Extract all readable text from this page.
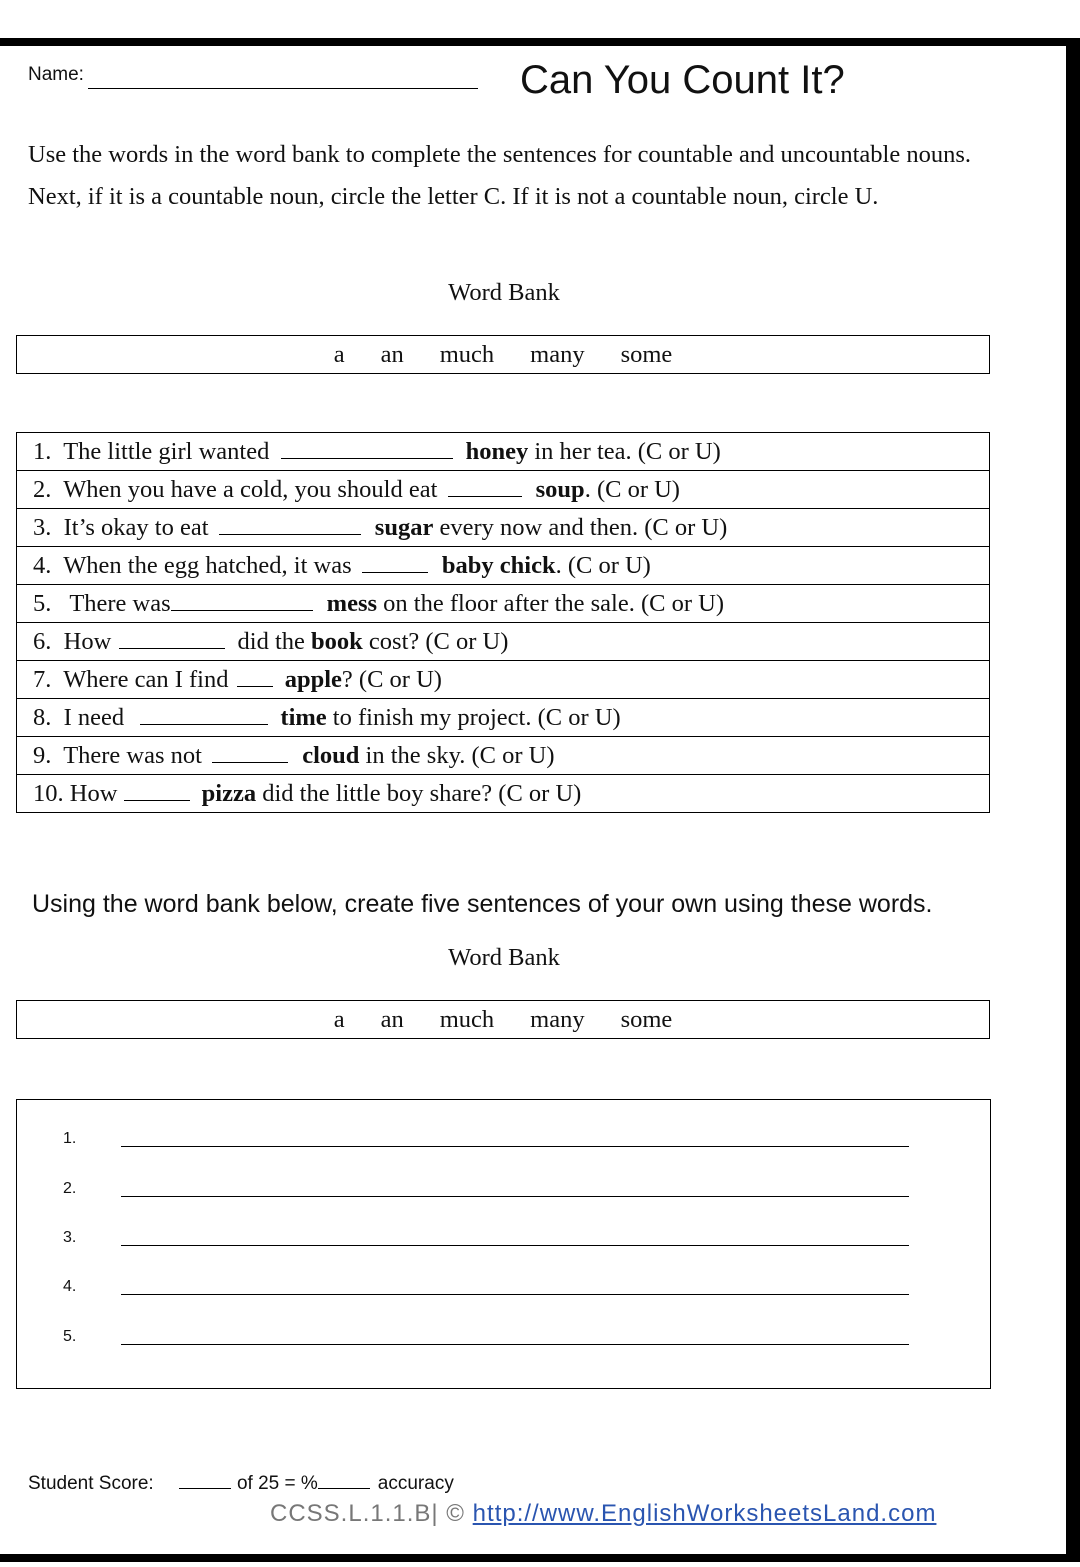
Name:	Can You Count It?
Use the words in the word bank to complete the sentences for countable and uncountable nouns. Next, if it is a countable noun, circle the letter C. If it is not a countable noun, circle U.
Word Bank
a an much many some
1. The little girl wanted	honey in her tea. (C or U)
2. When you have a cold, you should eat	soup. (C or U)
3. It’s okay to eat	sugar every now and then. (C or U)
4. When the egg hatched, it was	baby chick. (C or U)
5. There was	mess on the floor after the sale. (C or U)
6. How	did the book cost? (C or U)
7. Where can I find apple? (C or U)
8. I need	time to finish my project. (C or U)
9. There was not	cloud in the sky. (C or U)
10. How	pizza did the little boy share? (C or U)
Using the word bank below, create five sentences of your own using these words.
Word Bank
a an much many some
1.
2.
3.
4.
5.
Student Score:	of 25 = %	accuracy
CCSS.L.1.1.B| © http://www.EnglishWorksheetsLand.com
